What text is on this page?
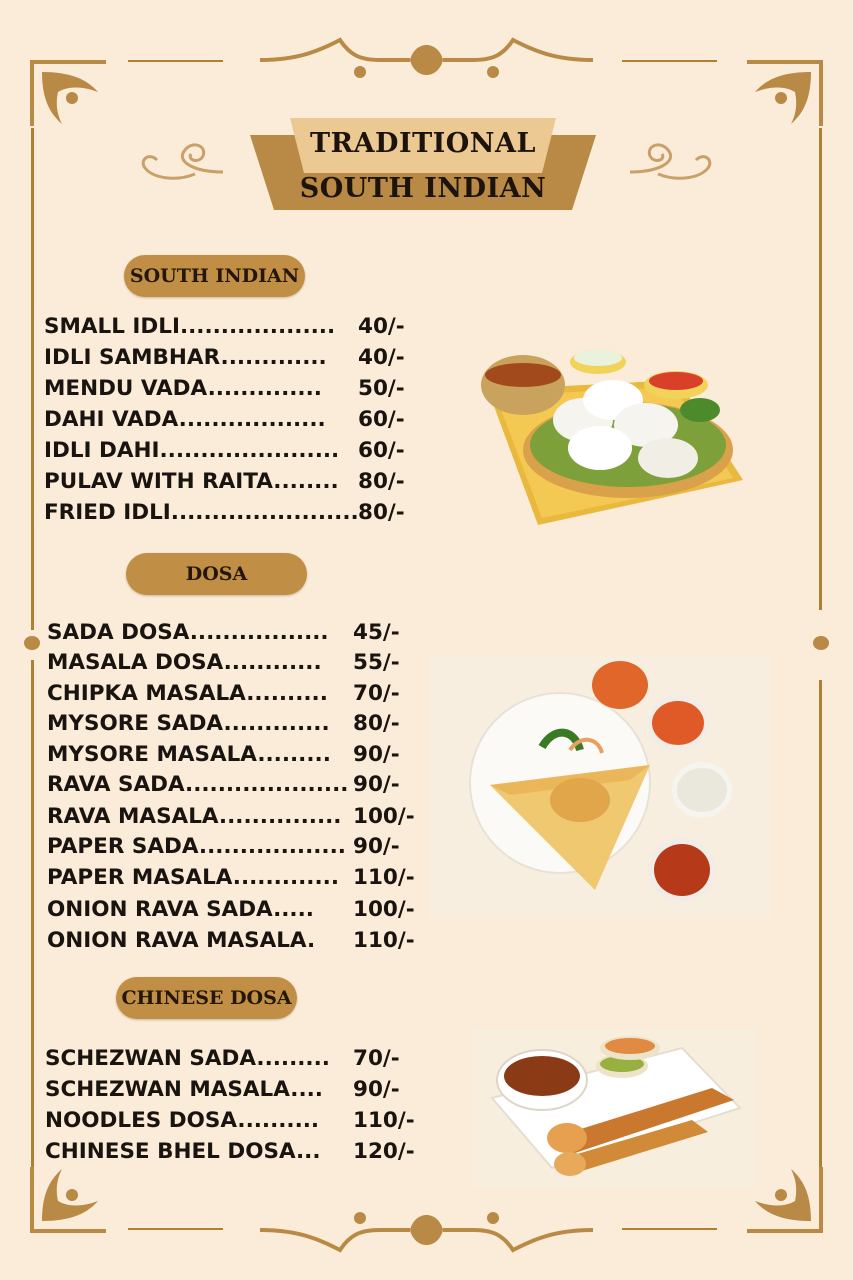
TRADITIONAL
SOUTH INDIAN
SOUTH INDIAN
DOSA
CHINESE DOSA
SMALL IDLI................... 40/-
IDLI SAMBHAR............. 40/-
MENDU VADA.............. 50/-
DAHI VADA.................. 60/-
IDLI DAHI...................... 60/-
PULAV WITH RAITA........ 80/-
FRIED IDLI....................... 80/-
SADA DOSA................. 45/-
MASALA DOSA............ 55/-
CHIPKA MASALA.......... 70/-
MYSORE SADA............. 80/-
MYSORE MASALA......... 90/-
RAVA SADA.................... 90/-
RAVA MASALA............... 100/-
PAPER SADA.................. 90/-
PAPER MASALA............. 110/-
ONION RAVA SADA..... 100/-
ONION RAVA MASALA. 110/-
SCHEZWAN SADA......... 70/-
SCHEZWAN MASALA.... 90/-
NOODLES DOSA.......... 110/-
CHINESE BHEL DOSA... 120/-
